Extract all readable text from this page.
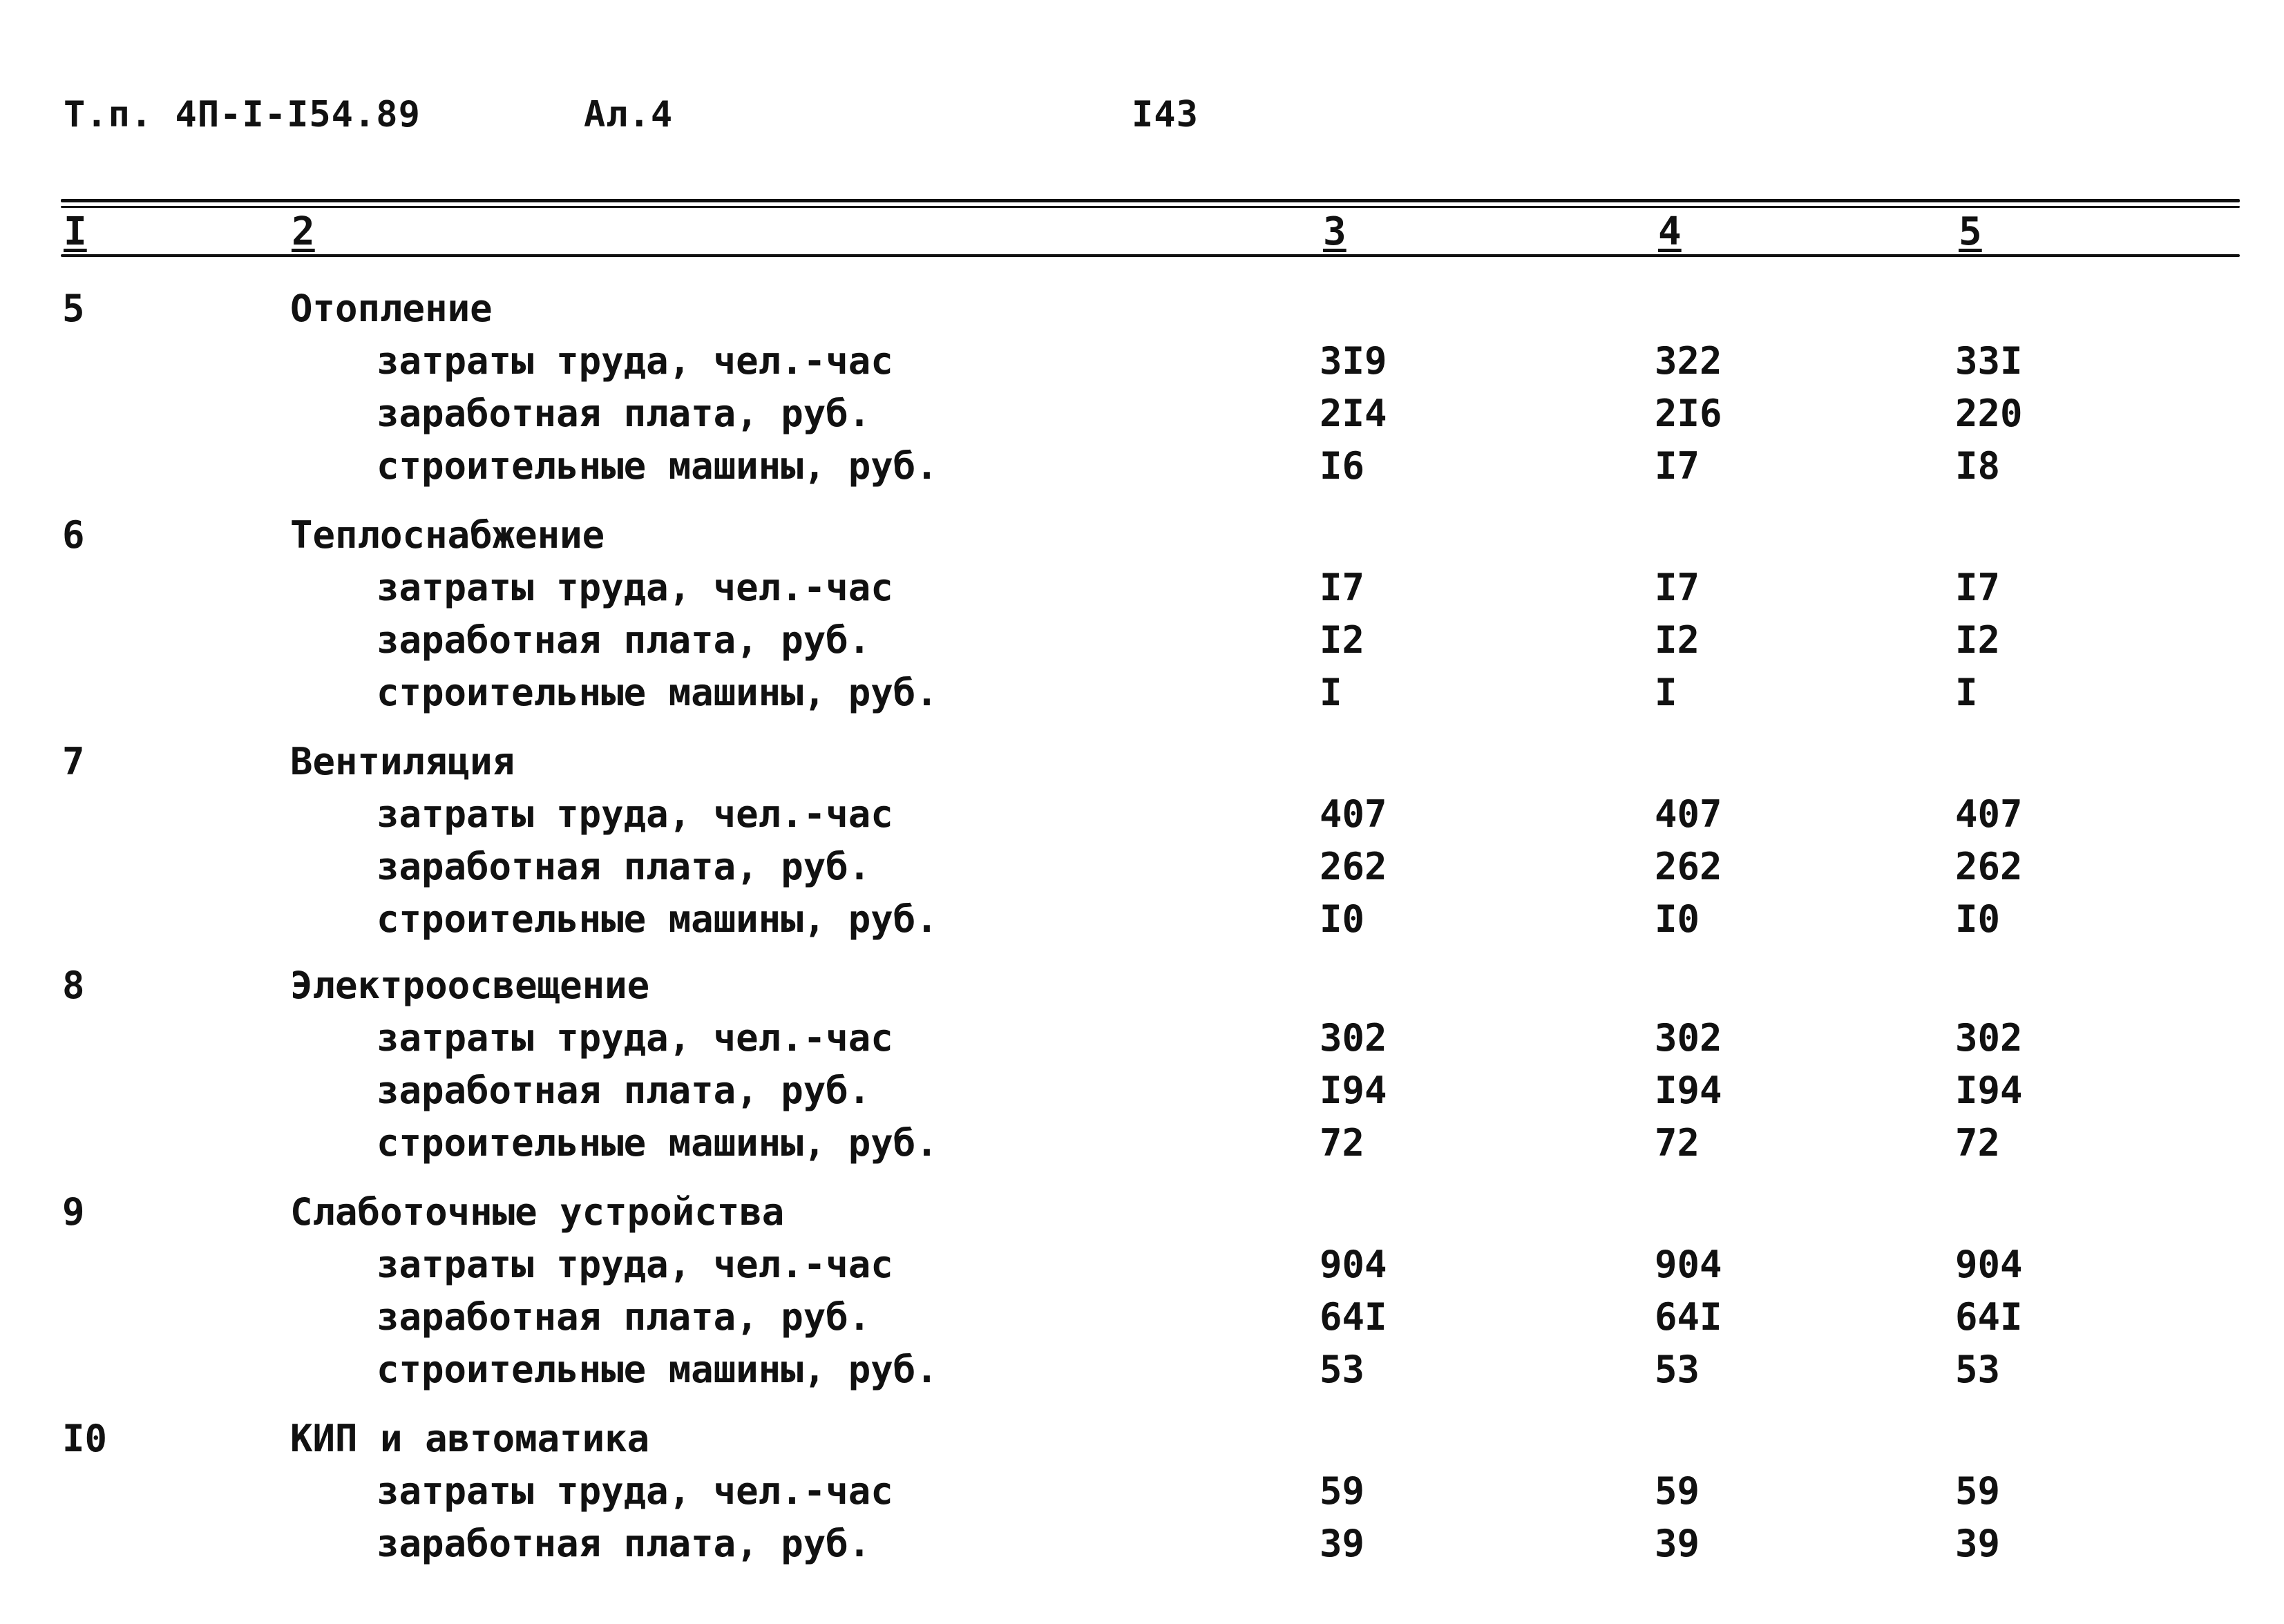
Т.п. 4П-I-I54.89	Ал.4	I43
I	2	3	4	5
5	Отопление
затраты труда, чел.-час	3I9	322	33I
заработная плата, руб.	2I4	2I6	220
строительные машины, руб.	I6	I7	I8
6	Теплоснабжение
затраты труда, чел.-час	I7	I7	I7
заработная плата, руб.	I2	I2	I2
строительные машины, руб.	I	I	I
7	Вентиляция
затраты труда, чел.-час	407	407	407
заработная плата, руб.	262	262	262
строительные машины, руб.	I0	I0	I0
8	Электроосвещение
затраты труда, чел.-час	302	302	302
заработная плата, руб.	I94	I94	I94
строительные машины, руб.	72	72	72
9	Слаботочные устройства
затраты труда, чел.-час	904	904	904
заработная плата, руб.	64I	64I	64I
строительные машины, руб.	53	53	53
I0	КИП и автоматика
затраты труда, чел.-час	59	59	59
заработная плата, руб.	39	39	39
